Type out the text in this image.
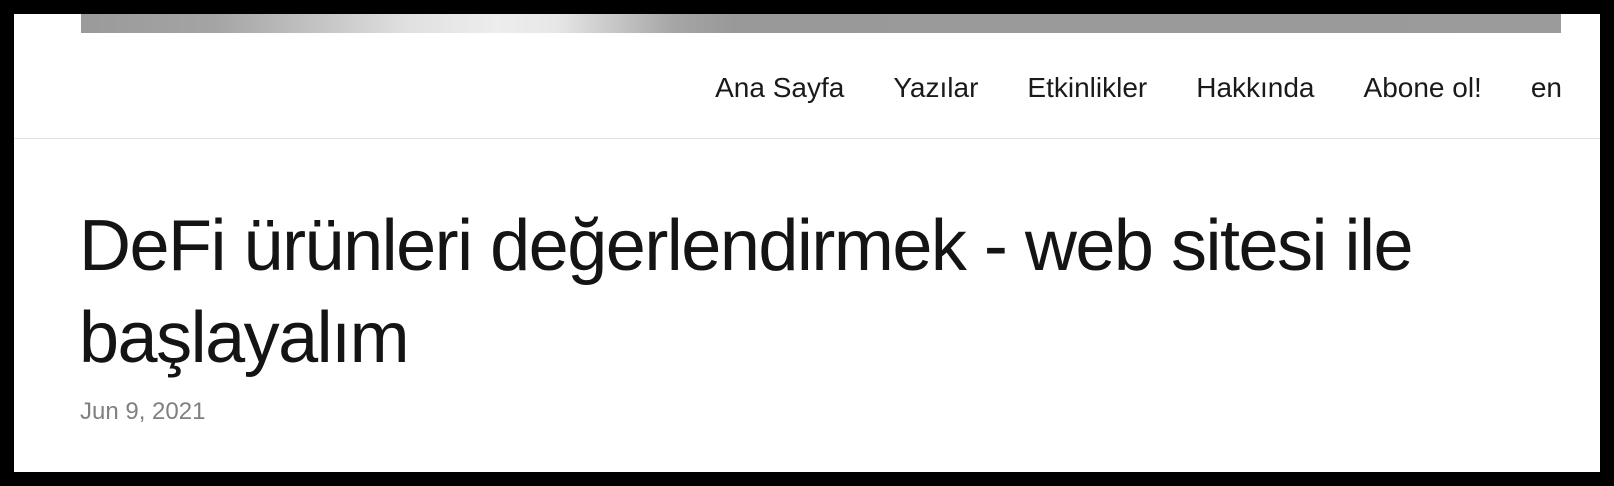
Ana Sayfa Yazılar Etkinlikler Hakkında Abone ol! en
DeFi ürünleri değerlendirmek - web sitesi ile başlayalım
Jun 9, 2021
